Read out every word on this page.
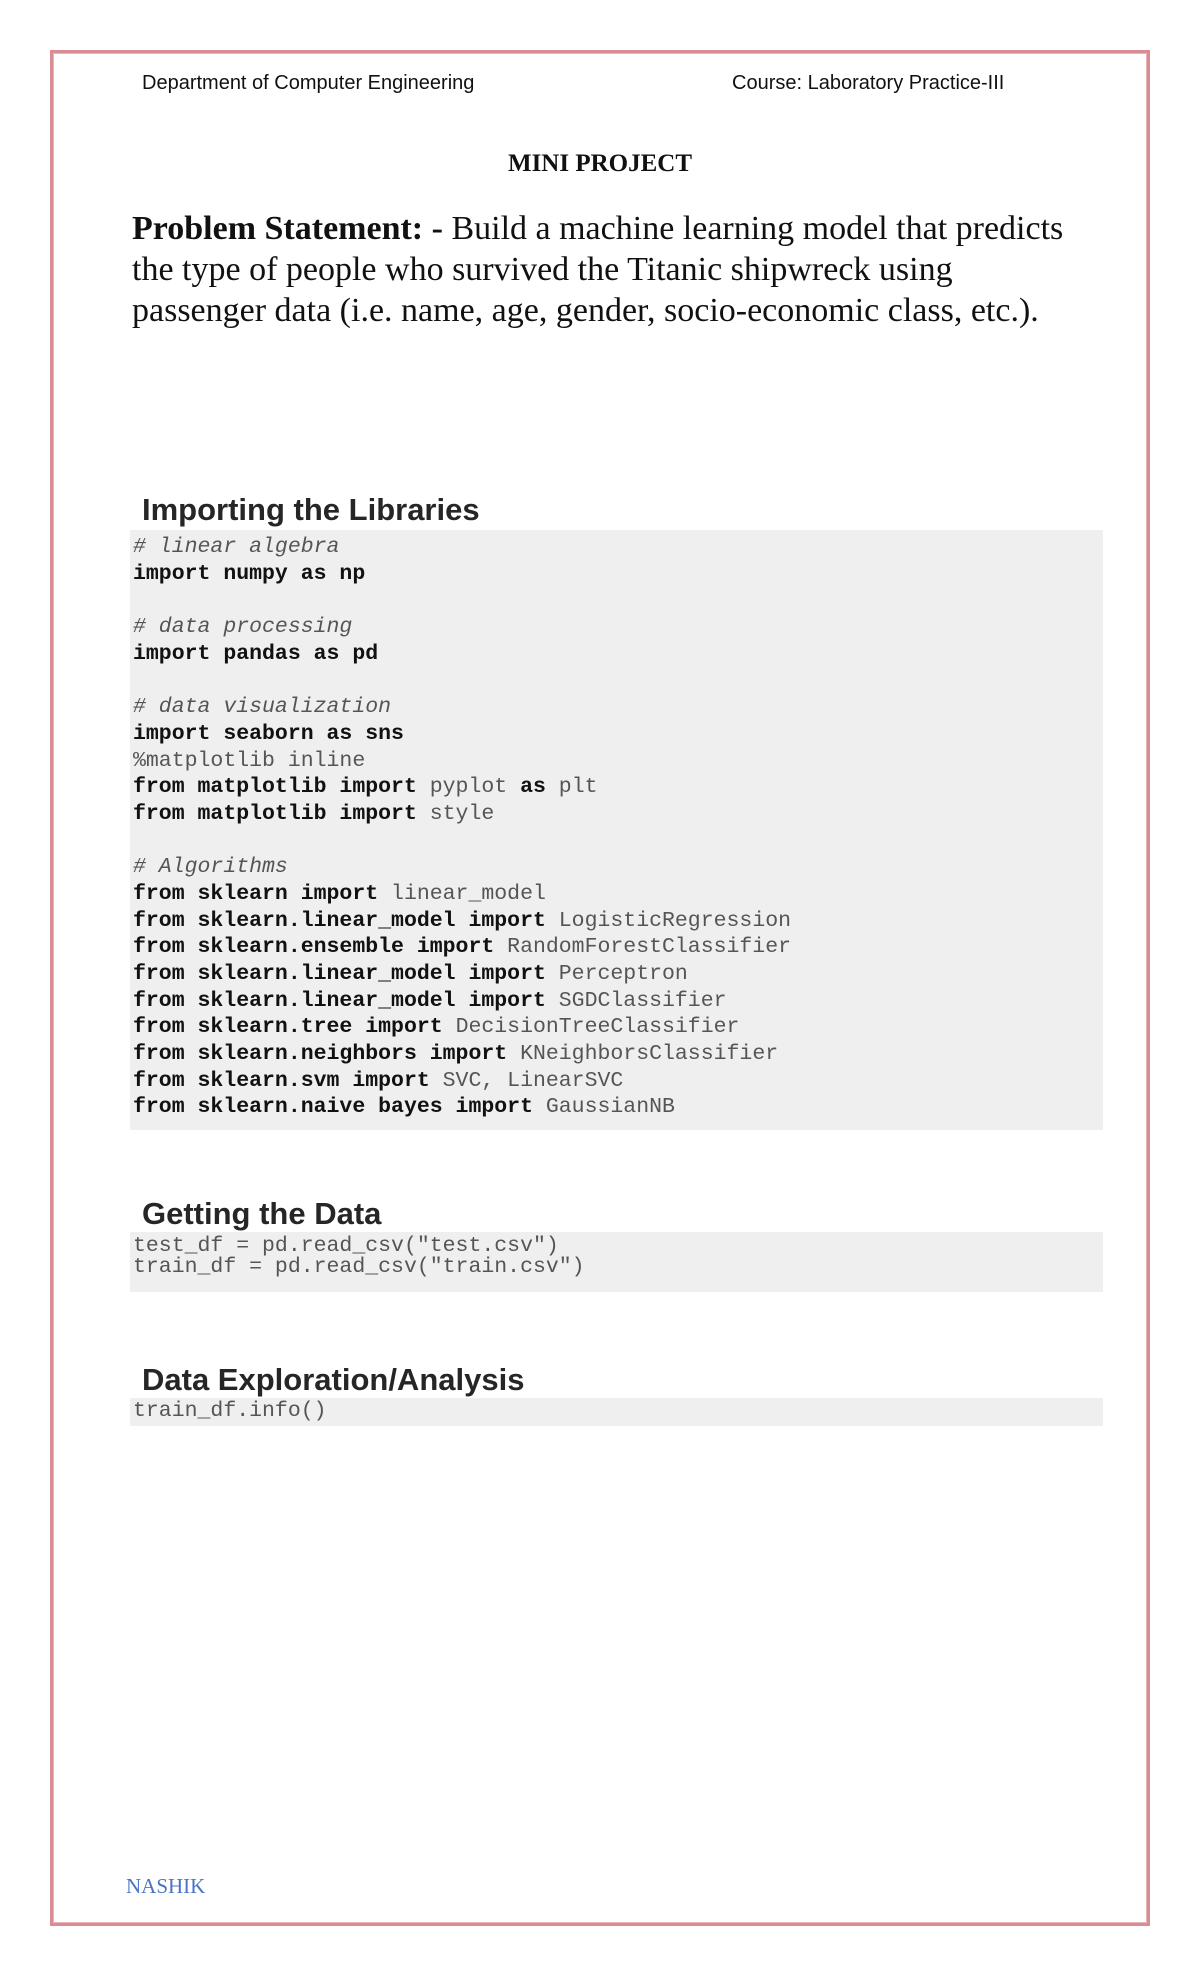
Department of Computer Engineering	Course: Laboratory Practice-III
MINI PROJECT
Problem Statement: - Build a machine learning model that predicts the type of people who survived the Titanic shipwreck using passenger data (i.e. name, age, gender, socio-economic class, etc.).
Importing the Libraries
# linear algebra
import numpy as np

# data processing
import pandas as pd

# data visualization
import seaborn as sns
%matplotlib inline
from matplotlib import pyplot as plt
from matplotlib import style

# Algorithms
from sklearn import linear_model
from sklearn.linear_model import LogisticRegression
from sklearn.ensemble import RandomForestClassifier
from sklearn.linear_model import Perceptron
from sklearn.linear_model import SGDClassifier
from sklearn.tree import DecisionTreeClassifier
from sklearn.neighbors import KNeighborsClassifier
from sklearn.svm import SVC, LinearSVC
from sklearn.naive bayes import GaussianNB
Getting the Data
test_df = pd.read_csv("test.csv")
train_df = pd.read_csv("train.csv")
Data Exploration/Analysis
train_df.info()
NASHIK
